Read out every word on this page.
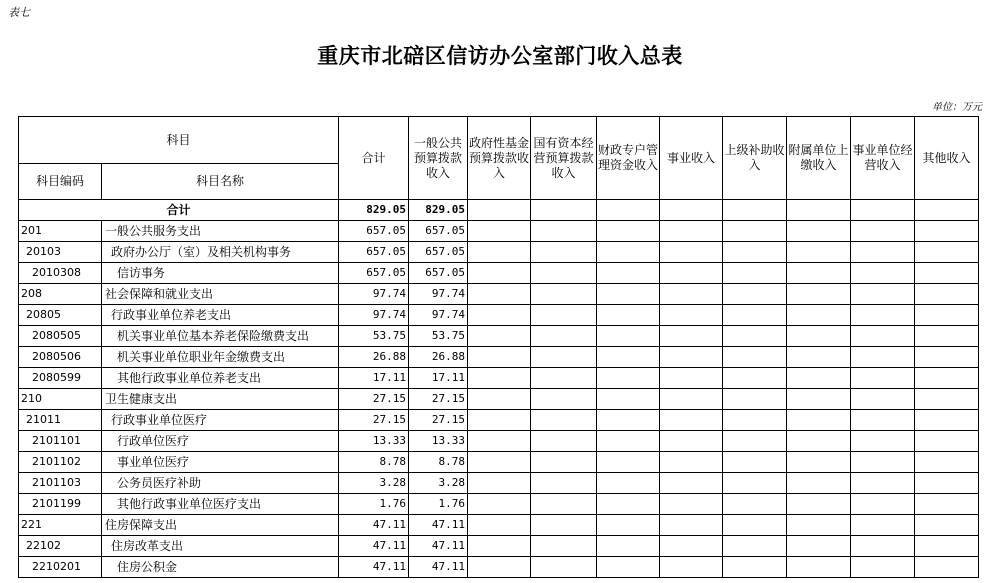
表七
重庆市北碚区信访办公室部门收入总表
单位：万元
科目		合计	一般公共预算拨款收入	政府性基金预算拨款收入	国有资本经营预算拨款收入	财政专户管理资金收入	事业收入	上级补助收入	附属单位上缴收入	事业单位经营收入	其他收入
科目编码	科目名称										
合计		829.05	829.05								
201	一般公共服务支出	657.05	657.05								
20103	政府办公厅（室）及相关机构事务	657.05	657.05								
2010308	信访事务	657.05	657.05								
208	社会保障和就业支出	97.74	97.74								
20805	行政事业单位养老支出	97.74	97.74								
2080505	机关事业单位基本养老保险缴费支出	53.75	53.75								
2080506	机关事业单位职业年金缴费支出	26.88	26.88								
2080599	其他行政事业单位养老支出	17.11	17.11								
210	卫生健康支出	27.15	27.15								
21011	行政事业单位医疗	27.15	27.15								
2101101	行政单位医疗	13.33	13.33								
2101102	事业单位医疗	8.78	8.78								
2101103	公务员医疗补助	3.28	3.28								
2101199	其他行政事业单位医疗支出	1.76	1.76								
221	住房保障支出	47.11	47.11								
22102	住房改革支出	47.11	47.11								
2210201	住房公积金	47.11	47.11								
